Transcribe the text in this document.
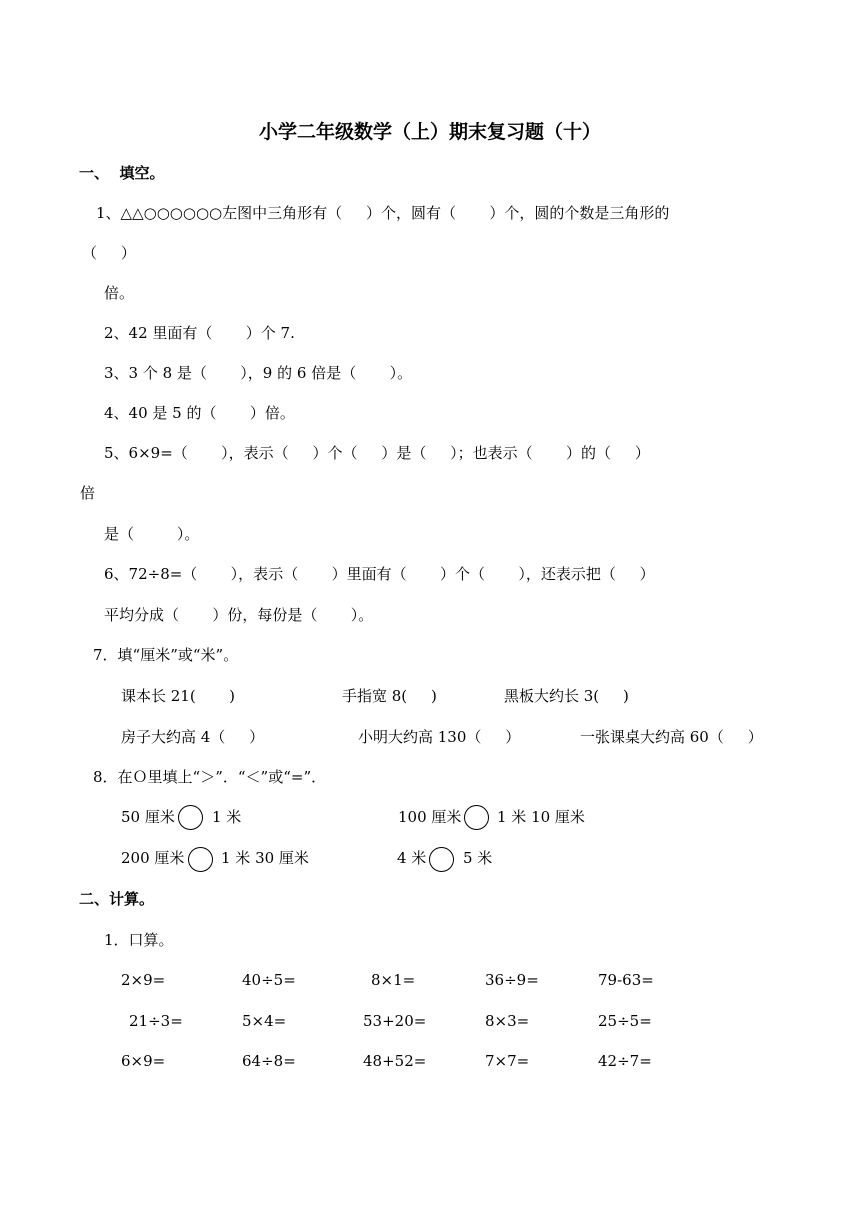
小学二年级数学（上）期末复习题（十）
一、  填空。
1、△△○○○○○○左图中三角形有（     ）个，圆有（       ）个，圆的个数是三角形的
（     ）
倍。
2、42 里面有（       ）个 7.
3、3 个 8 是（       ），9 的 6 倍是（       ）。
4、40 是 5 的（       ）倍。
5、6×9=（       ），表示（     ）个（     ）是（     ）；也表示（       ）的（     ）
倍
是（         ）。
6、72÷8=（       ），表示（       ）里面有（       ）个（       ），还表示把（     ）
平均分成（       ）份，每份是（       ）。
7．填“厘米”或“米”。
课本长 21(       )	手指宽 8(     )	黑板大约长 3(     )
房子大约高 4（     ）	小明大约高 130（     ）	一张课桌大约高 60（     ）
8．在Ｏ里填上“＞”．“＜”或“=”．
50 厘米 1 米	100 厘米 1 米 10 厘米
200 厘米 1 米 30 厘米	4 米 5 米
二、计算。
1．口算。
2×9=	40÷5=	8×1=	36÷9=	79-63=
21÷3=	5×4=	53+20=	8×3=	25÷5=
6×9=	64÷8=	48+52=	7×7=	42÷7=
